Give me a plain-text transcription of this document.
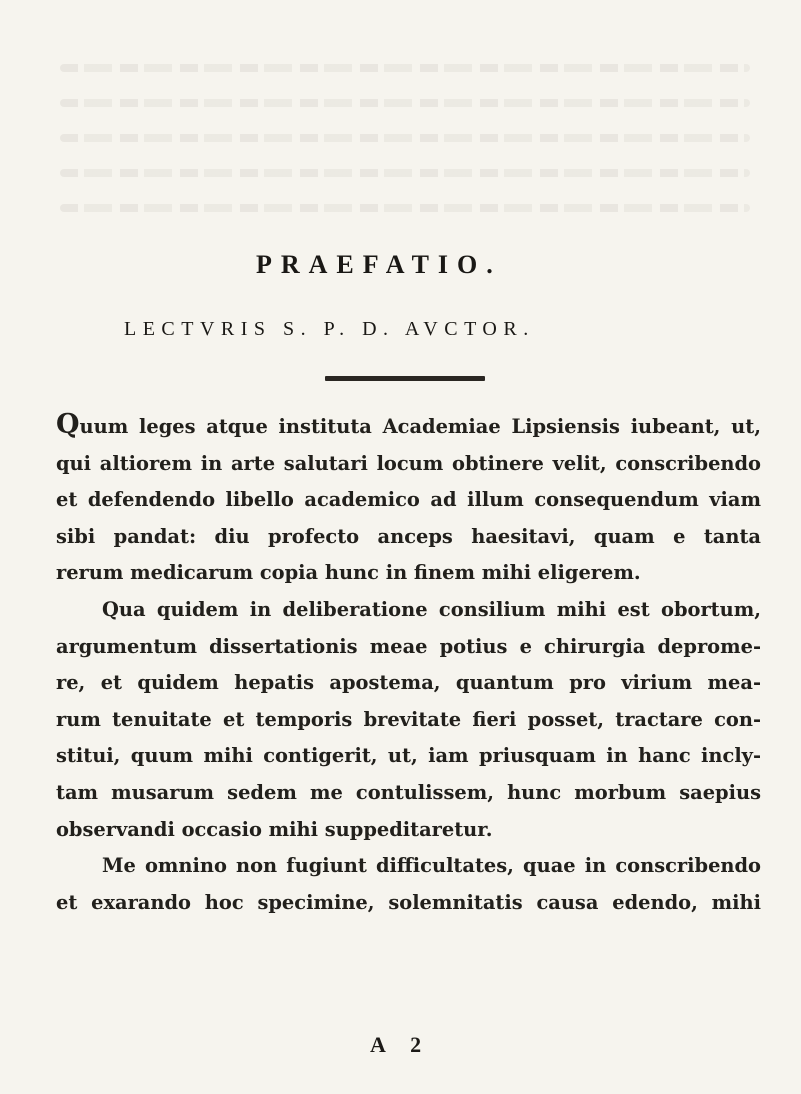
PRAEFATIO.
LECTVRIS S. P. D. AVCTOR.
Quum leges atque instituta Academiae Lipsiensis iubeant, ut,
qui altiorem in arte salutari locum obtinere velit, conscribendo
et defendendo libello academico ad illum consequendum viam
sibi pandat: diu profecto anceps haesitavi, quam e tanta
rerum medicarum copia hunc in finem mihi eligerem.
Qua quidem in deliberatione consilium mihi est obortum,
argumentum dissertationis meae potius e chirurgia deprome-
re, et quidem hepatis apostema, quantum pro virium mea-
rum tenuitate et temporis brevitate fieri posset, tractare con-
stitui, quum mihi contigerit, ut, iam priusquam in hanc incly-
tam musarum sedem me contulissem, hunc morbum saepius
observandi occasio mihi suppeditaretur.
Me omnino non fugiunt difficultates, quae in conscribendo
et exarando hoc specimine, solemnitatis causa edendo, mihi
A 2
